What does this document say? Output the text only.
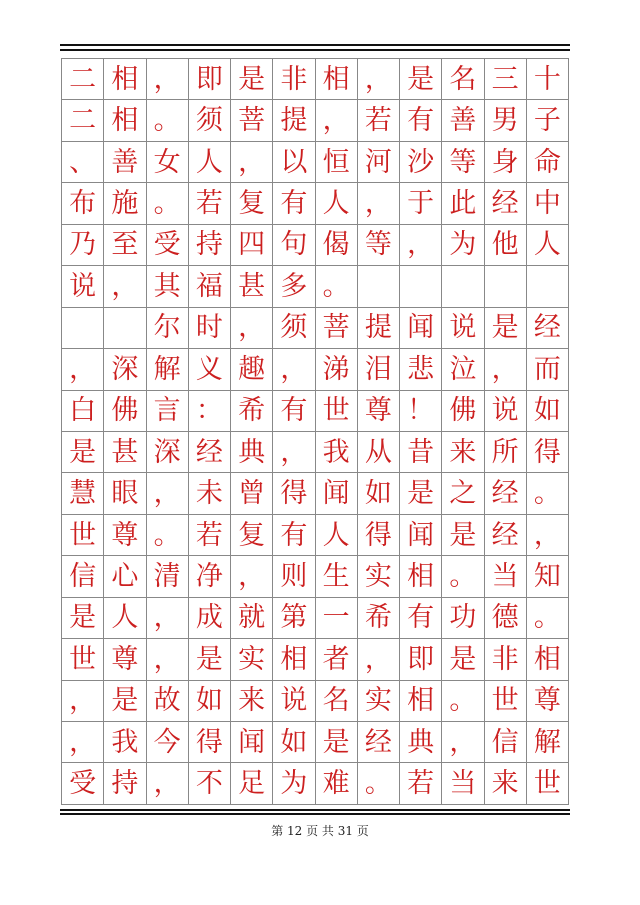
二	相	，	即	是	非	相	，	是	名	三	十
二	相	。	须	菩	提	，	若	有	善	男	子
、	善	女	人	，	以	恒	河	沙	等	身	命
布	施	。	若	复	有	人	，	于	此	经	中
乃	至	受	持	四	句	偈	等	，	为	他	人
说	，	其	福	甚	多	。					
		尔	时	，	须	菩	提	闻	说	是	经
，	深	解	义	趣	，	涕	泪	悲	泣	，	而
白	佛	言	：	希	有	世	尊	！	佛	说	如
是	甚	深	经	典	，	我	从	昔	来	所	得
慧	眼	，	未	曾	得	闻	如	是	之	经	。
世	尊	。	若	复	有	人	得	闻	是	经	，
信	心	清	净	，	则	生	实	相	。	当	知
是	人	，	成	就	第	一	希	有	功	德	。
世	尊	，	是	实	相	者	，	即	是	非	相
，	是	故	如	来	说	名	实	相	。	世	尊
，	我	今	得	闻	如	是	经	典	，	信	解
受	持	，	不	足	为	难	。	若	当	来	世
第 12 页 共 31 页
